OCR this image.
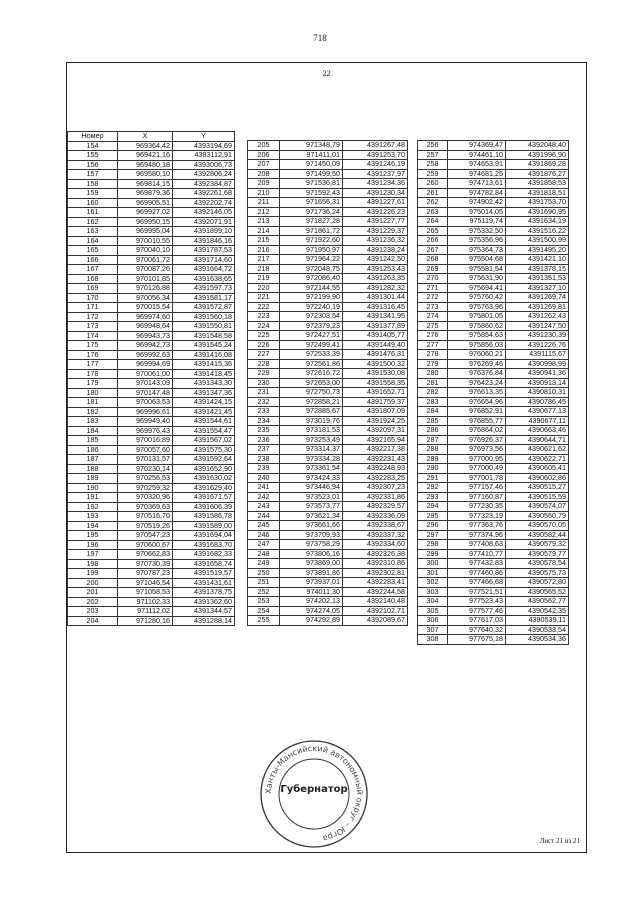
718
22
Номер	X	Y
154	969364,42	4393194,69
155	969421,16	4393112,91
156	969480,18	4393006,73
157	969580,10	4392806,24
158	969814,15	4392384,87
159	969879,36	4392261,68
160	969905,51	4392202,74
161	969927,02	4392146,05
162	969950,15	4392071,91
163	969995,04	4391899,10
164	970010,55	4391846,16
165	970040,10	4391787,53
166	970061,72	4391714,60
167	970087,26	4391664,72
168	970101,85	4391638,65
169	970126,88	4391597,73
170	970056,34	4391581,17
171	970015,54	4391572,87
172	969974,60	4391560,18
173	969948,64	4391550,81
174	969943,73	4391548,58
175	969942,73	4391545,24
176	969992,63	4391416,08
177	969994,69	4391415,36
178	970061,00	4391418,45
179	970143,09	4391343,30
180	970147,48	4391347,36
181	970063,53	4391424,15
182	969996,61	4391421,45
183	969949,40	4391544,61
184	969976,43	4391554,47
185	970016,89	4391567,02
186	970057,60	4391575,30
187	970131,57	4391592,64
188	970230,14	4391652,90
189	970256,53	4391630,02
190	970259,32	4391629,40
191	970320,96	4391671,57
192	970369,63	4391606,39
193	970516,70	4391586,78
194	970519,26	4391589,00
195	970547,23	4391694,04
196	970600,67	4391683,70
197	970662,83	4391682,33
198	970730,39	4391658,74
199	970787,23	4391519,57
200	971046,54	4391431,61
201	971058,53	4391378,75
202	971102,33	4391362,60
203	971112,02	4391344,57
204	971280,16	4391288,14
205	971348,79	4391267,48
206	971411,01	4391253,70
207	971450,09	4391246,19
208	971499,50	4391237,97
209	971536,81	4391234,36
210	971592,43	4391230,34
211	971656,31	4391227,61
212	971736,24	4391226,23
213	971827,28	4391227,77
214	971861,72	4391229,37
215	971922,60	4391236,32
216	971950,97	4391238,24
217	971964,22	4391242,50
218	972048,75	4391253,43
219	972086,40	4391263,35
220	972144,55	4391282,32
221	972199,90	4391301,44
222	972240,19	4391316,45
223	972303,54	4391341,95
224	972379,23	4391377,89
225	972427,51	4391405,77
226	972499,41	4391449,40
227	972533,39	4391476,31
228	972561,86	4391500,32
229	972616,72	4391530,08
230	972653,00	4391558,35
231	972750,73	4391652,71
232	972858,21	4391759,37
233	972885,67	4391807,09
234	973019,76	4391924,25
235	973181,53	4392097,31
236	973253,49	4392165,94
237	973314,37	4392217,38
238	973334,28	4392231,43
239	973361,54	4392248,93
240	973424,33	4392283,25
241	973446,94	4392307,23
242	973523,01	4392331,86
243	973573,77	4392329,57
244	973621,34	4392336,09
245	973661,66	4392338,67
246	973709,93	4392337,32
247	973758,29	4392334,60
248	973806,16	4392326,38
249	973869,00	4392310,86
250	973891,86	4392302,81
251	973937,01	4392283,41
252	974011,30	4392244,58
253	974202,13	4392140,48
254	974274,05	4392102,71
255	974292,89	4392089,67
256	974369,47	4392048,40
257	974461,10	4391996,90
258	974653,91	4391869,28
259	974681,25	4391876,27
260	974713,61	4391858,53
261	974782,84	4391818,51
262	974902,42	4391753,70
263	975014,05	4391690,95
264	975119,74	4391634,19
265	975332,50	4391516,22
266	975356,96	4391500,99
267	975364,73	4391495,20
268	975504,68	4391421,10
269	975581,54	4391378,15
270	975631,90	4391351,53
271	975694,41	4391327,10
272	975760,42	4391269,74
273	975763,96	4391269,81
274	975801,05	4391262,43
275	975860,62	4391247,50
276	975854,63	4391230,39
277	975856,03	4391226,76
278	976060,21	4391115,67
279	976269,46	4390998,99
280	976376,84	4390941,36
281	976423,24	4390913,14
282	976613,35	4390810,31
283	976654,96	4390786,45
284	976852,91	4390677,13
285	976855,77	4390677,11
286	976864,02	4390663,46
287	976926,37	4390644,71
288	976973,56	4390621,62
289	977000,95	4390622,71
290	977000,49	4390605,41
291	977001,78	4390602,86
292	977157,46	4390515,27
293	977160,87	4390515,59
294	977230,35	4390574,07
295	977323,19	4390560,79
296	977363,76	4390570,05
297	977374,96	4390582,44
298	977408,63	4390579,32
299	977410,77	4390579,77
300	977432,83	4390578,54
301	977460,86	4390575,73
302	977466,68	4390572,80
303	977521,51	4390565,52
304	977523,43	4390562,77
305	977577,46	4390542,35
306	977617,03	4390539,11
307	977640,32	4390533,54
308	977675,18	4390534,36
Лист 21 из 21
Ханты-Мансийский автономный округ – Югра
Губернатор
